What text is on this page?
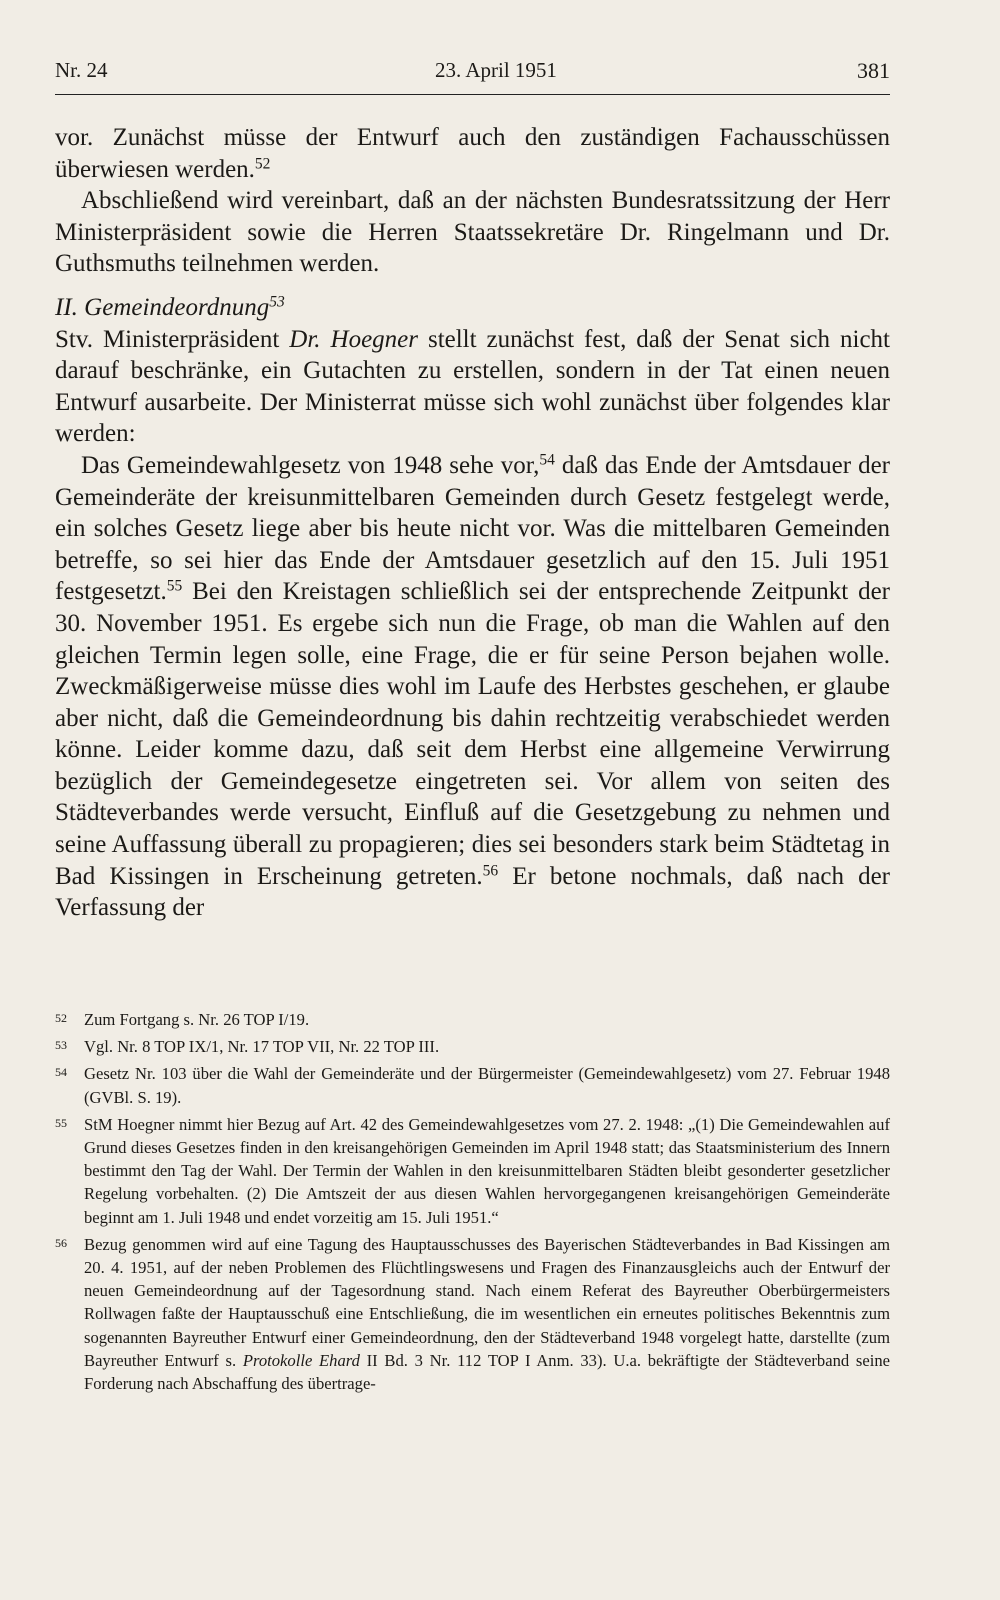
Nr. 24	23. April 1951	381

vor. Zunächst müsse der Entwurf auch den zuständigen Fachausschüssen überwiesen werden.$^{52}$

Abschließend wird vereinbart, daß an der nächsten Bundesratssitzung der Herr Ministerpräsident sowie die Herren Staatssekretäre Dr. Ringelmann und Dr. Guthsmuths teilnehmen werden.

II. Gemeindeordnung$^{53}$

Stv. Ministerpräsident Dr. Hoegner stellt zunächst fest, daß der Senat sich nicht darauf beschränke, ein Gutachten zu erstellen, sondern in der Tat einen neuen Entwurf ausarbeite. Der Ministerrat müsse sich wohl zunächst über folgendes klar werden:

Das Gemeindewahlgesetz von 1948 sehe vor,$^{54}$ daß das Ende der Amtsdauer der Gemeinderäte der kreisunmittelbaren Gemeinden durch Gesetz festgelegt werde, ein solches Gesetz liege aber bis heute nicht vor. Was die mittelbaren Gemeinden betreffe, so sei hier das Ende der Amtsdauer gesetzlich auf den 15. Juli 1951 festgesetzt.$^{55}$ Bei den Kreistagen schließlich sei der entsprechende Zeitpunkt der 30. November 1951. Es ergebe sich nun die Frage, ob man die Wahlen auf den gleichen Termin legen solle, eine Frage, die er für seine Person bejahen wolle. Zweckmäßigerweise müsse dies wohl im Laufe des Herbstes geschehen, er glaube aber nicht, daß die Gemeindeordnung bis dahin rechtzeitig verabschiedet werden könne. Leider komme dazu, daß seit dem Herbst eine allgemeine Verwirrung bezüglich der Gemeindegesetze eingetreten sei. Vor allem von seiten des Städteverbandes werde versucht, Einfluß auf die Gesetzgebung zu nehmen und seine Auffassung überall zu propagieren; dies sei besonders stark beim Städtetag in Bad Kissingen in Erscheinung getreten.$^{56}$ Er betone nochmals, daß nach der Verfassung der

52 Zum Fortgang s. Nr. 26 TOP I/19.
53 Vgl. Nr. 8 TOP IX/1, Nr. 17 TOP VII, Nr. 22 TOP III.
54 Gesetz Nr. 103 über die Wahl der Gemeinderäte und der Bürgermeister (Gemeindewahlgesetz) vom 27. Februar 1948 (GVBl. S. 19).
55 StM Hoegner nimmt hier Bezug auf Art. 42 des Gemeindewahlgesetzes vom 27. 2. 1948: „(1) Die Gemeindewahlen auf Grund dieses Gesetzes finden in den kreisangehörigen Gemeinden im April 1948 statt; das Staatsministerium des Innern bestimmt den Tag der Wahl. Der Termin der Wahlen in den kreisunmittelbaren Städten bleibt gesonderter gesetzlicher Regelung vorbehalten. (2) Die Amtszeit der aus diesen Wahlen hervorgegangenen kreisangehörigen Gemeinderäte beginnt am 1. Juli 1948 und endet vorzeitig am 15. Juli 1951.“
56 Bezug genommen wird auf eine Tagung des Hauptausschusses des Bayerischen Städteverbandes in Bad Kissingen am 20. 4. 1951, auf der neben Problemen des Flüchtlingswesens und Fragen des Finanzausgleichs auch der Entwurf der neuen Gemeindeordnung auf der Tagesordnung stand. Nach einem Referat des Bayreuther Oberbürgermeisters Rollwagen faßte der Hauptausschuß eine Entschließung, die im wesentlichen ein erneutes politisches Bekenntnis zum sogenannten Bayreuther Entwurf einer Gemeindeordnung, den der Städteverband 1948 vorgelegt hatte, darstellte (zum Bayreuther Entwurf s. Protokolle Ehard II Bd. 3 Nr. 112 TOP I Anm. 33). U.a. bekräftigte der Städteverband seine Forderung nach Abschaffung des übertrage-
